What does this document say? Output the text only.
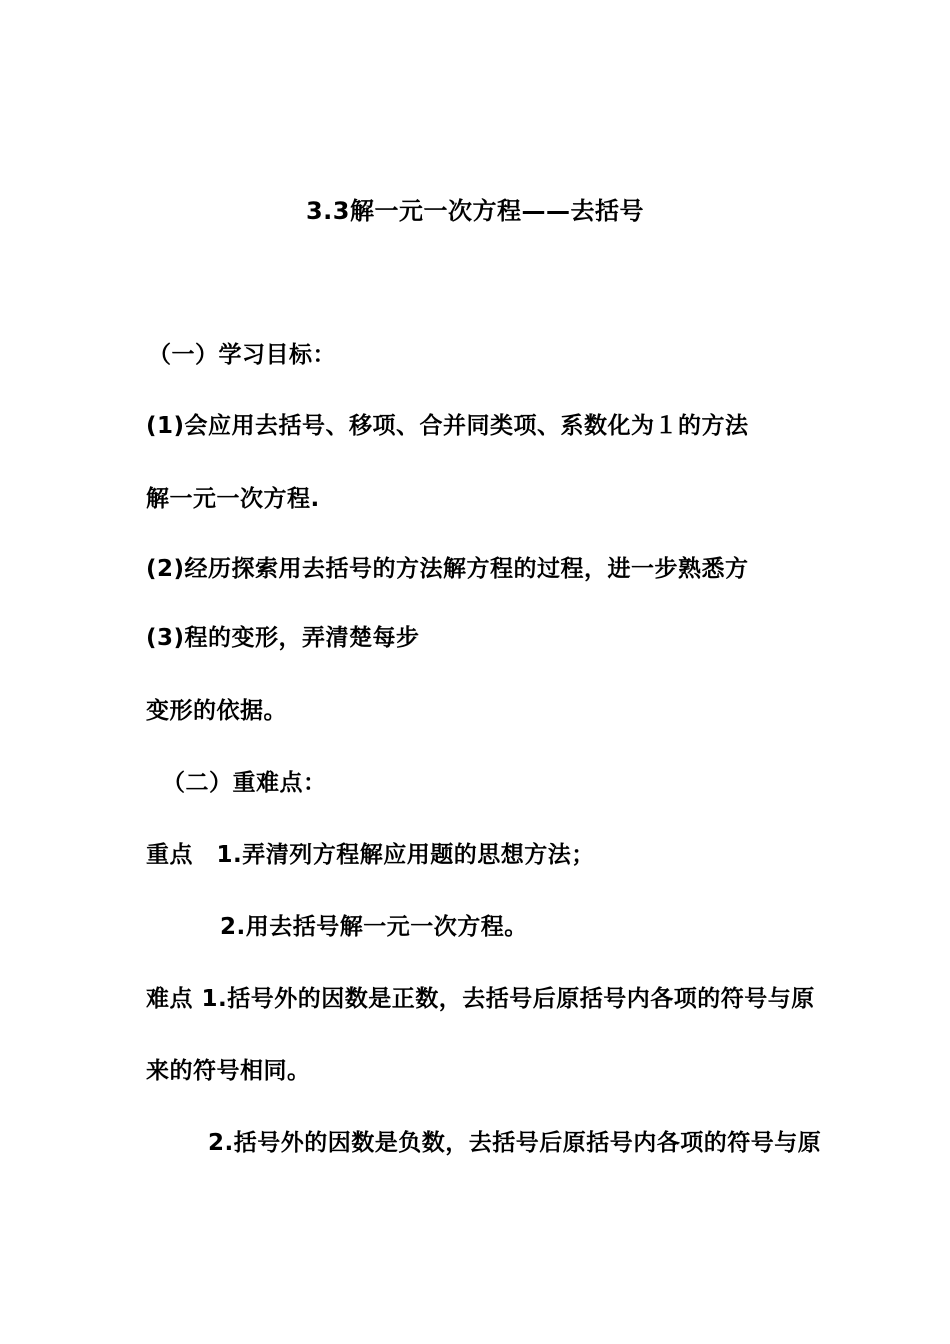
3.3解一元一次方程——去括号
（一）学习目标：
(1)会应用去括号、移项、合并同类项、系数化为１的方法
解一元一次方程.
(2)经历探索用去括号的方法解方程的过程，进一步熟悉方
(3)程的变形，弄清楚每步
变形的依据。
（二）重难点：
重点　1.弄清列方程解应用题的思想方法；
2.用去括号解一元一次方程。
难点 1.括号外的因数是正数，去括号后原括号内各项的符号与原
来的符号相同。
2.括号外的因数是负数，去括号后原括号内各项的符号与原
